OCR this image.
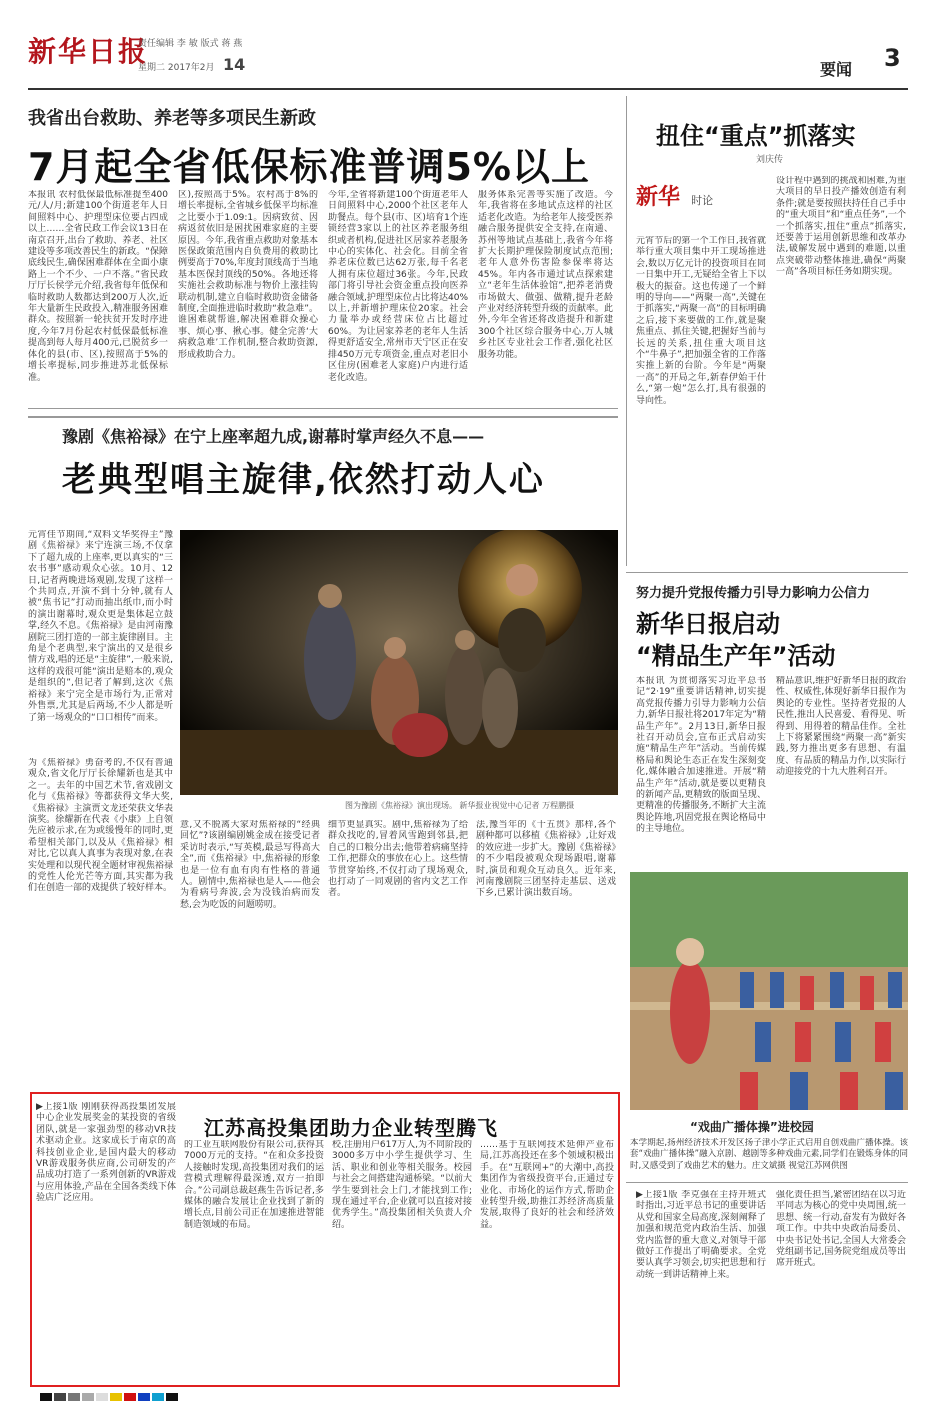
新华日报
责任编辑 李 敏 版式 蒋 燕
星期二 2017年2月 14	要闻 3
我省出台救助、养老等多项民生新政
7月起全省低保标准普调5%以上
本报讯 农村低保最低标准提至400元/人/月;新建100个街道老年人日间照料中心、护理型床位要占四成以上……全省民政工作会议13日在南京召开,出台了救助、养老、社区建设等多项改善民生的新政。“保障底线民生,确保困难群体在全面小康路上一个不少、一户不落。”省民政厅厅长侯学元介绍,我省每年低保和临时救助人数都达到200万人次,近年大量新生民政投入,精准服务困难群众。按照新一轮扶贫开发时序进度,今年7月份起农村低保最低标准提高到每人每月400元,已脱贫乡一体化的县(市、区),按照高于5%的增长率提标,同步推进苏北低保标准。
区),按照高于5%。农村高于8%的增长率提标,全省城乡低保平均标准之比要小于1.09:1。因病致贫、因病返贫依旧是困扰困难家庭的主要原因。今年,我省重点救助对象基本医保政策范围内自负费用的救助比例要高于70%,年度封顶线高于当地基本医保封顶线的50%。各地还将实施社会救助标准与物价上涨挂钩联动机制,建立自临时救助资金储备制度,全面推进临时救助“救急难”。谁困难就帮谁,解决困难群众操心事、烦心事、揪心事。健全完善‘大病救急难’工作机制,整合救助资源,形成救助合力。
今年,全省将新建100个街道老年人日间照料中心,2000个社区老年人助餐点。每个县(市、区)培育1个连锁经营3家以上的社区养老服务组织或者机构,促进社区居家养老服务中心的实体化、社会化。目前全省养老床位数已达62万张,每千名老人拥有床位超过36张。今年,民政部门将引导社会资金重点投向医养融合领域,护理型床位占比将达40%以上,并新增护理床位20家。社会力量举办或经营床位占比超过60%。为让居家养老的老年人生活得更舒适安全,常州市天宁区正在安排450万元专项资金,重点对老旧小区住房(困难老人家庭)户内进行适老化改造。
服务体系完善等实施了改造。今年,我省将在多地试点这样的社区适老化改造。为给老年人接受医养融合服务提供安全支持,在南通、苏州等地试点基础上,我省今年将扩大长期护理保险制度试点范围;老年人意外伤害险参保率将达45%。年内各市通过试点探索建立“老年生活体验馆”,把养老消费市场做大、做强、做精,提升老龄产业对经济转型升级的贡献率。此外,今年全省还将改造提升和新建300个社区综合服务中心,万人城乡社区专业社会工作者,强化社区服务功能。
豫剧《焦裕禄》在宁上座率超九成,谢幕时掌声经久不息——
老典型唱主旋律,依然打动人心
图为豫剧《焦裕禄》演出现场。 新华报业视觉中心记者 万程鹏摄
元宵佳节期间,“双料文华奖得主”豫剧《焦裕禄》来宁连演三场,不仅拿下了超九成的上座率,更以真实的“三农书事”感动观众心弦。10月、12日,记者两晚进场观剧,发现了这样一个共同点,开演不到十分钟,就有人被“焦书记”打动而抽出纸巾,而小时的演出谢幕时,观众更是集体起立鼓掌,经久不息。《焦裕禄》是由河南豫剧院三团打造的一部主旋律剧目。主角是个老典型,来宁演出的又是很乡情方戏,唱的还是“主旋律”,一般来说,这样的戏很可能“演出是赔本的,观众是组织的”,但记者了解到,这次《焦裕禄》来宁完全是市场行为,正常对外售票,尤其是后两场,不少人都是听了第一场观众的“口口相传”而来。
为《焦裕禄》勇奋考的,不仅有普通观众,省文化厅厅长徐耀新也是其中之一。去年的中国艺术节,省戏剧文化与《焦裕禄》等都获得文华大奖,《焦裕禄》主演贾文龙还荣获文华表演奖。徐耀新在代表《小康》上自领先应被示求,在为或缓慢年的同时,更希望相关部门,以及从《焦裕禄》相对比,它以真人真事为表现对象,在表实处理和以现代视全题材审视焦裕禄的党性人伦光芒等方面,其实都为我们在创造一部的戏提供了较好样本。
意,又不脱离大家对焦裕禄的“经典回忆”?该剧编剧姚金成在接受记者采访时表示,“写英模,最忌写得高大全”,而《焦裕禄》中,焦裕禄的形象也是一位有血有肉有性格的普通人。剧情中,焦裕禄也是人——他会为看病号奔波,会为没钱治病而发愁,会为吃饭的问题唠叨。
细节更显真实。剧中,焦裕禄为了给群众找吃的,冒着风雪跑到邻县,把自己的口粮分出去;他带着病痛坚持工作,把群众的事放在心上。这些情节贯穿始终,不仅打动了现场观众,也打动了一同观剧的省内文艺工作者。
法,豫当年的《十五贯》那样,各个剧种都可以移植《焦裕禄》,让好戏的效应进一步扩大。豫剧《焦裕禄》的不少唱段被观众现场跟唱,谢幕时,演员和观众互动良久。近年来,河南豫剧院三团坚持走基层、送戏下乡,已累计演出数百场。
江苏高投集团助力企业转型腾飞
▶上接1版 刚刚获得高投集团发展中心企业发展奖金的某投资的省级团队,就是一家强劲型的移动VR技术驱动企业。这家成长于南京的高科技创业企业,是国内最大的移动VR游戏服务供应商,公司研发的产品成功打造了一系列创新的VR游戏与应用体验,产品在全国各类线下体验店广泛应用。
的工业互联网股份有限公司,获得其7000万元的支持。“在和众多投资人接触时发现,高投集团对我们的运营模式理解得最深透,双方一拍即合。”公司副总裁赵燕生告诉记者,多媒体的融合发展让企业找到了新的增长点,目前公司正在加速推进智能制造领域的布局。
校,注册用户617万人,为不同阶段的3000多万中小学生提供学习、生活、职业和创业等相关服务。校园与社会之间搭建沟通桥梁。“以前大学生要到社会上门,才能找到工作;现在通过平台,企业就可以直接对接优秀学生。”高投集团相关负责人介绍。
……基于互联网技术延伸产业布局,江苏高投还在多个领域积极出手。在“互联网+”的大潮中,高投集团作为省级投资平台,正通过专业化、市场化的运作方式,帮助企业转型升级,助推江苏经济高质量发展,取得了良好的社会和经济效益。
扭住“重点”抓落实
刘庆传
新华 时论
元宵节后的第一个工作日,我省就举行重大项目集中开工现场推进会,数以万亿元计的投资项目在同一日集中开工,无疑给全省上下以极大的振奋。这也传递了一个鲜明的导向——“两聚一高”,关键在于抓落实,“两聚一高”的目标明确之后,接下来要做的工作,就是聚焦重点、抓住关键,把握好当前与长远的关系,扭住重大项目这个“牛鼻子”,把加强全省的工作落实推上新的台阶。今年是“两聚一高”的开局之年,新春伊始干什么,“第一炮”怎么打,具有很强的导向性。
设计程中遇到的挑战和困难,为重大项目的早日投产播效创造有利条件;就是要按照扶持任自己手中的“重大项目”和“重点任务”,一个一个抓落实,扭住“重点”抓落实,还要善于运用创新思维和改革办法,破解发展中遇到的难题,以重点突破带动整体推进,确保“两聚一高”各项目标任务如期实现。
努力提升党报传播力引导力影响力公信力
新华日报启动
“精品生产年”活动
本报讯 为贯彻落实习近平总书记“2·19”重要讲话精神,切实提高党报传播力引导力影响力公信力,新华日报社将2017年定为“精品生产年”。2月13日,新华日报社召开动员会,宣布正式启动实施“精品生产年”活动。当前传媒格局和舆论生态正在发生深刻变化,媒体融合加速推进。开展“精品生产年”活动,就是要以更精良的新闻产品,更精致的版面呈现、更精准的传播服务,不断扩大主流舆论阵地,巩固党报在舆论格局中的主导地位。
精品意识,维护好新华日报的政治性、权威性,体现好新华日报作为舆论的专业性。坚持者党报的人民性,推出人民喜爱、看得见、听得到、用得着的精品佳作。全社上下将紧紧围绕“两聚一高”新实践,努力推出更多有思想、有温度、有品质的精品力作,以实际行动迎接党的十九大胜利召开。
“戏曲广播体操”进校园
本学期起,扬州经济技术开发区扬子津小学正式启用自创戏曲广播体操。该套“戏曲广播体操”融入京剧、越剧等多种戏曲元素,同学们在锻炼身体的同时,又感受到了戏曲艺术的魅力。庄文斌摄 视觉江苏网供图
▶上接1版 李克强在主持开班式时指出,习近平总书记的重要讲话从党和国家全局高度,深刻阐释了加强和规范党内政治生活、加强党内监督的重大意义,对领导干部做好工作提出了明确要求。全党要认真学习领会,切实把思想和行动统一到讲话精神上来。
强化责任担当,紧密团结在以习近平同志为核心的党中央周围,统一思想、统一行动,奋发有为做好各项工作。中共中央政治局委员、中央书记处书记,全国人大常委会党组副书记,国务院党组成员等出席开班式。
